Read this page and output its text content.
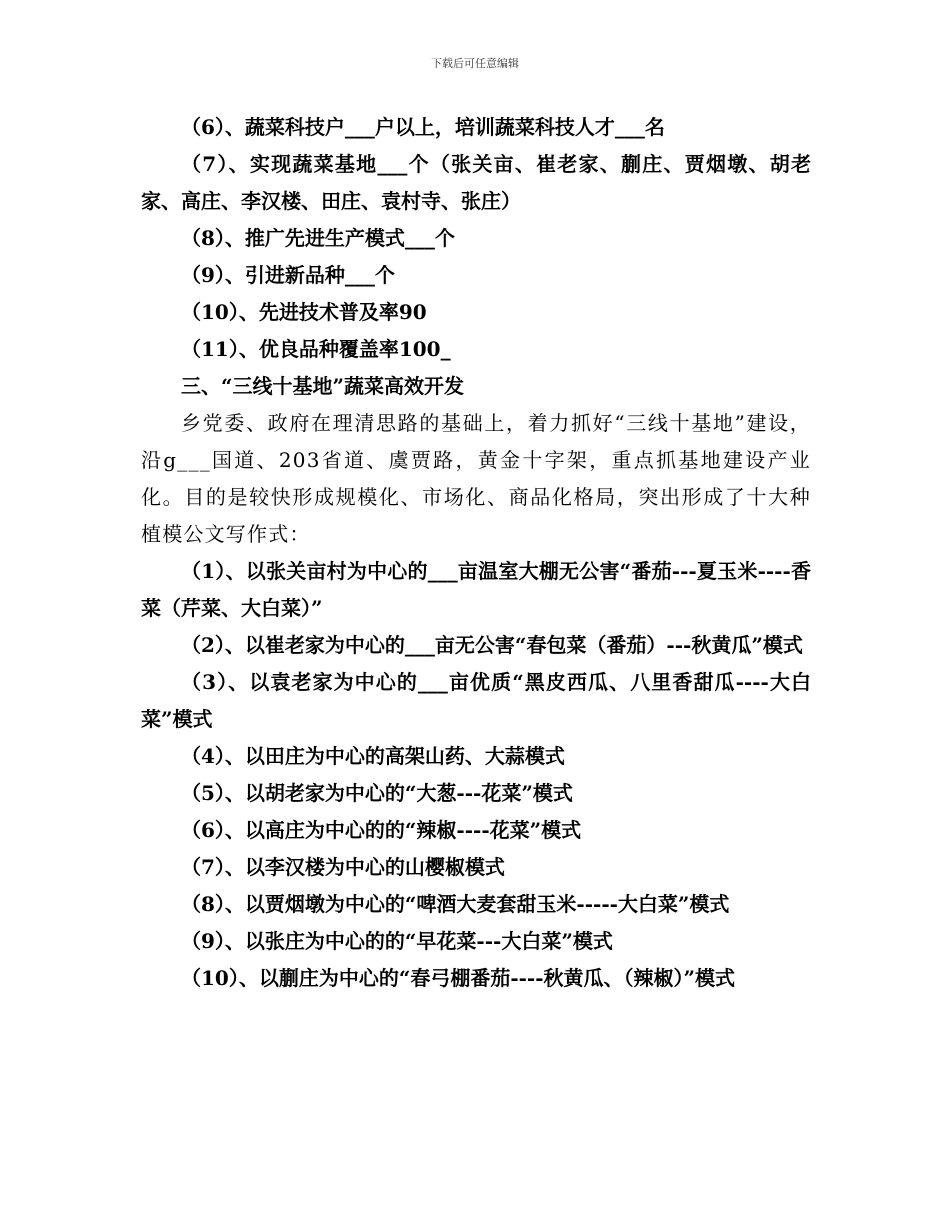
下载后可任意编辑

（6）、蔬菜科技户___户以上，培训蔬菜科技人才___名

（7）、实现蔬菜基地___个（张关亩、崔老家、蒯庄、贾烟墩、胡老家、高庄、李汉楼、田庄、袁村寺、张庄）

（8）、推广先进生产模式___个

（9）、引进新品种___个

（10）、先进技术普及率90

（11）、优良品种覆盖率100_

三、“三线十基地”蔬菜高效开发

乡党委、政府在理清思路的基础上，着力抓好“三线十基地”建设，沿g___国道、203省道、虞贾路，黄金十字架，重点抓基地建设产业化。目的是较快形成规模化、市场化、商品化格局，突出形成了十大种植模公文写作式：

（1）、以张关亩村为中心的___亩温室大棚无公害“番茄---夏玉米----香菜（芹菜、大白菜）”

（2）、以崔老家为中心的___亩无公害“春包菜（番茄）---秋黄瓜”模式

（3）、以袁老家为中心的___亩优质“黑皮西瓜、八里香甜瓜----大白菜”模式

（4）、以田庄为中心的高架山药、大蒜模式

（5）、以胡老家为中心的“大葱---花菜”模式

（6）、以高庄为中心的的“辣椒----花菜”模式

（7）、以李汉楼为中心的山樱椒模式

（8）、以贾烟墩为中心的“啤酒大麦套甜玉米-----大白菜”模式

（9）、以张庄为中心的的“早花菜---大白菜”模式

（10）、以蒯庄为中心的“春弓棚番茄----秋黄瓜、（辣椒）”模式
